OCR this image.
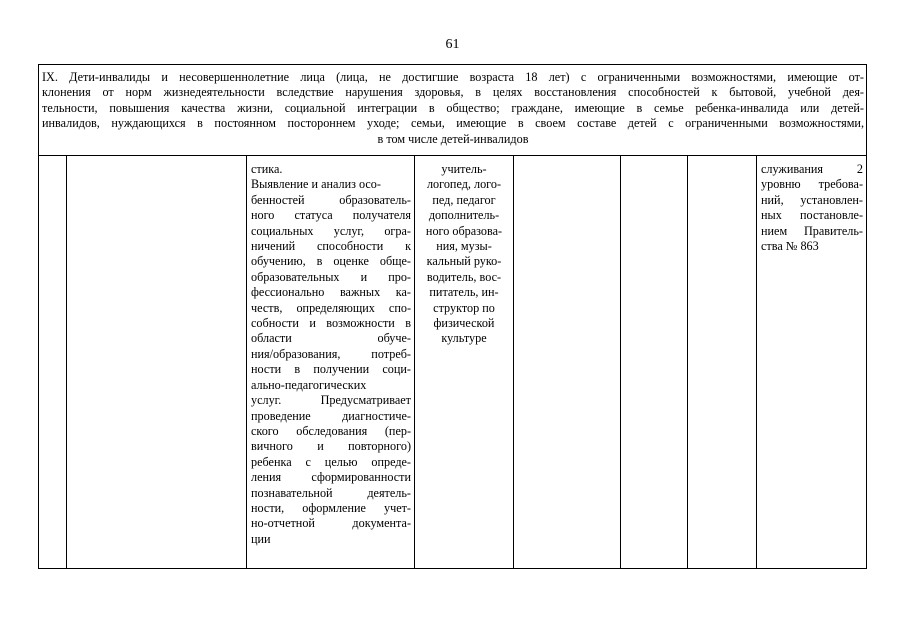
61
IX. Дети-инвалиды и несовершеннолетние лица (лица, не достигшие возраста 18 лет) с ограниченными возможностями, имеющие от-
клонения от норм жизнедеятельности вследствие нарушения здоровья, в целях восстановления способностей к бытовой, учебной дея-
тельности, повышения качества жизни, социальной интеграции в общество; граждане, имеющие в семье ребенка-инвалида или детей-
инвалидов, нуждающихся в постоянном постороннем уходе; семьи, имеющие в своем составе детей с ограниченными возможностями,
в том числе детей-инвалидов
стика.
Выявление и анализ осо-
бенностей образователь-
ного статуса получателя
социальных услуг, огра-
ничений способности к
обучению, в оценке обще-
образовательных и про-
фессионально важных ка-
честв, определяющих спо-
собности и возможности в
области обуче-
ния/образования, потреб-
ности в получении соци-
ально-педагогических
услуг. Предусматривает
проведение диагностиче-
ского обследования (пер-
вичного и повторного)
ребенка с целью опреде-
ления сформированности
познавательной деятель-
ности, оформление учет-
но-отчетной документа-
ции
учитель-
логопед, лого-
пед, педагог
дополнитель-
ного образова-
ния, музы-
кальный руко-
водитель, вос-
питатель, ин-
структор по
физической
культуре
служивания 2
уровню требова-
ний, установлен-
ных постановле-
нием Правитель-
ства № 863
